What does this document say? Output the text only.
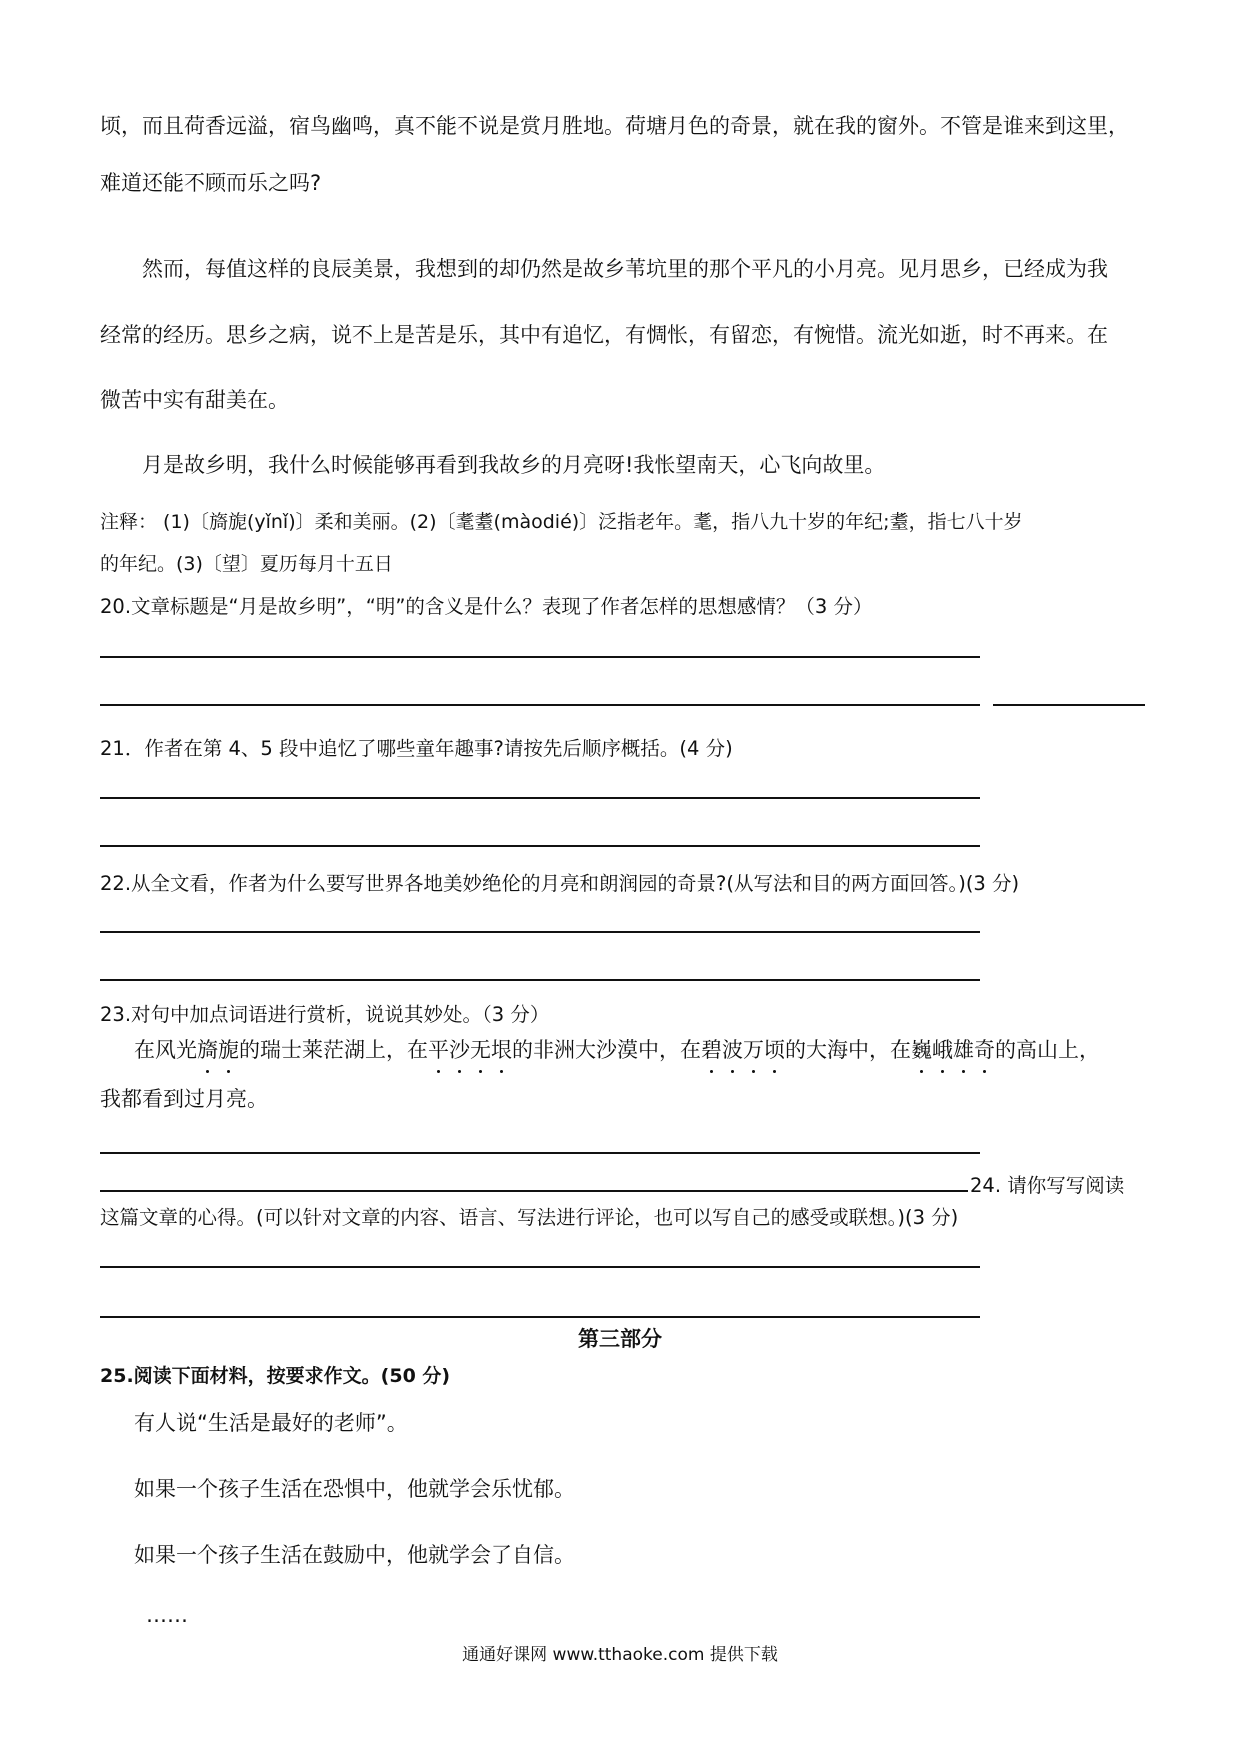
顷，而且荷香远溢，宿鸟幽鸣，真不能不说是赏月胜地。荷塘月色的奇景，就在我的窗外。不管是谁来到这里，
难道还能不顾而乐之吗?
然而，每值这样的良辰美景，我想到的却仍然是故乡苇坑里的那个平凡的小月亮。见月思乡，已经成为我
经常的经历。思乡之病，说不上是苦是乐，其中有追忆，有惆怅，有留恋，有惋惜。流光如逝，时不再来。在
微苦中实有甜美在。
月是故乡明，我什么时候能够再看到我故乡的月亮呀!我怅望南天，心飞向故里。
注释： (1)〔旖旎(yǐnǐ)〕柔和美丽。(2)〔耄耋(màodié)〕泛指老年。耄，指八九十岁的年纪;耋，指七八十岁
的年纪。(3)〔望〕夏历每月十五日
20.文章标题是“月是故乡明”，“明”的含义是什么？表现了作者怎样的思想感情？（3 分）
21．作者在第 4、5 段中追忆了哪些童年趣事?请按先后顺序概括。(4 分)
22.从全文看，作者为什么要写世界各地美妙绝伦的月亮和朗润园的奇景?(从写法和目的两方面回答。)(3 分)
23.对句中加点词语进行赏析，说说其妙处。（3 分）
在风光旖旎的瑞士莱茫湖上，在平沙无垠的非洲大沙漠中，在碧波万顷的大海中，在巍峨雄奇的高山上，
我都看到过月亮。
24. 请你写写阅读
这篇文章的心得。(可以针对文章的内容、语言、写法进行评论，也可以写自己的感受或联想。)(3 分)
第三部分
25.阅读下面材料，按要求作文。(50 分)
有人说“生活是最好的老师”。
如果一个孩子生活在恐惧中，他就学会乐忧郁。
如果一个孩子生活在鼓励中，他就学会了自信。
……
通通好课网 www.tthaoke.com 提供下载
